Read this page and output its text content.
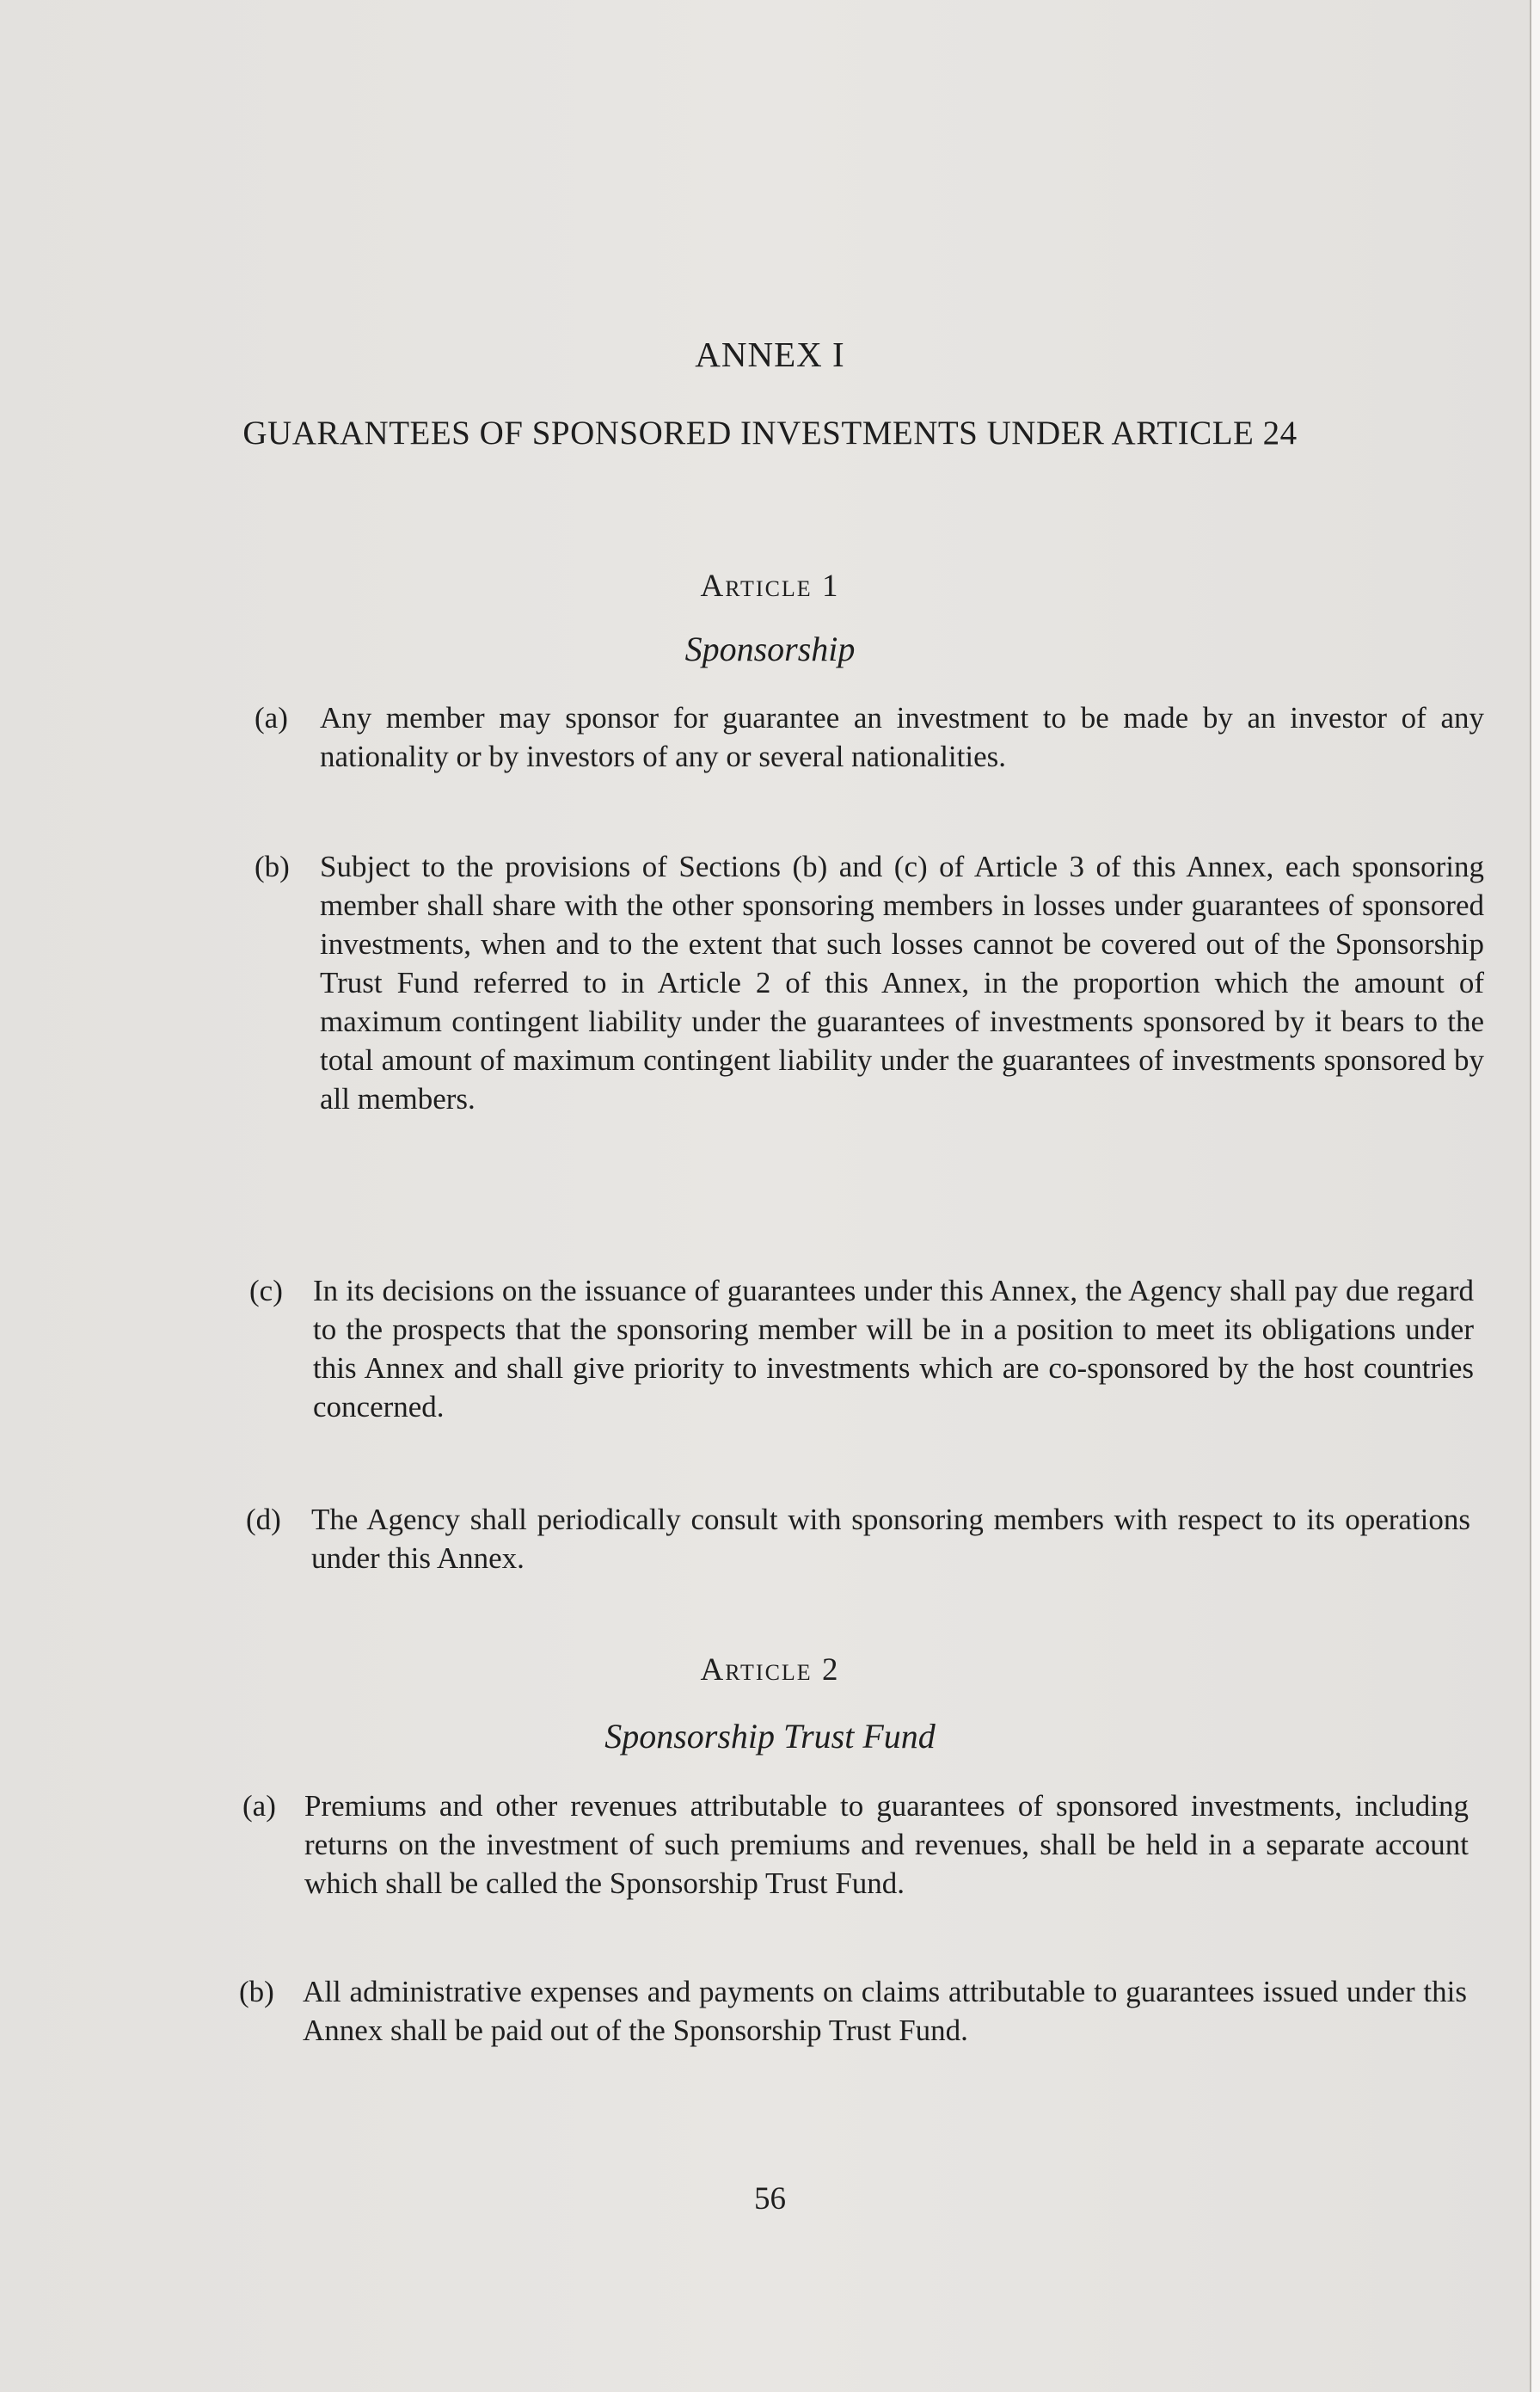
ANNEX I
GUARANTEES OF SPONSORED INVESTMENTS UNDER ARTICLE 24
Article 1
Sponsorship
(a) Any member may sponsor for guarantee an investment to be made by an investor of any nationality or by investors of any or several nationalities.
(b) Subject to the provisions of Sections (b) and (c) of Article 3 of this Annex, each sponsoring member shall share with the other sponsoring members in losses under guarantees of sponsored investments, when and to the extent that such losses cannot be covered out of the Sponsorship Trust Fund referred to in Article 2 of this Annex, in the proportion which the amount of maximum contingent liability under the guarantees of investments sponsored by it bears to the total amount of maximum contingent liability under the guarantees of investments sponsored by all members.
(c) In its decisions on the issuance of guarantees under this Annex, the Agency shall pay due regard to the prospects that the sponsoring member will be in a position to meet its obligations under this Annex and shall give priority to investments which are co-sponsored by the host countries concerned.
(d) The Agency shall periodically consult with sponsoring members with respect to its operations under this Annex.
Article 2
Sponsorship Trust Fund
(a) Premiums and other revenues attributable to guarantees of sponsored investments, including returns on the investment of such premiums and revenues, shall be held in a separate account which shall be called the Sponsorship Trust Fund.
(b) All administrative expenses and payments on claims attributable to guarantees issued under this Annex shall be paid out of the Sponsorship Trust Fund.
56
